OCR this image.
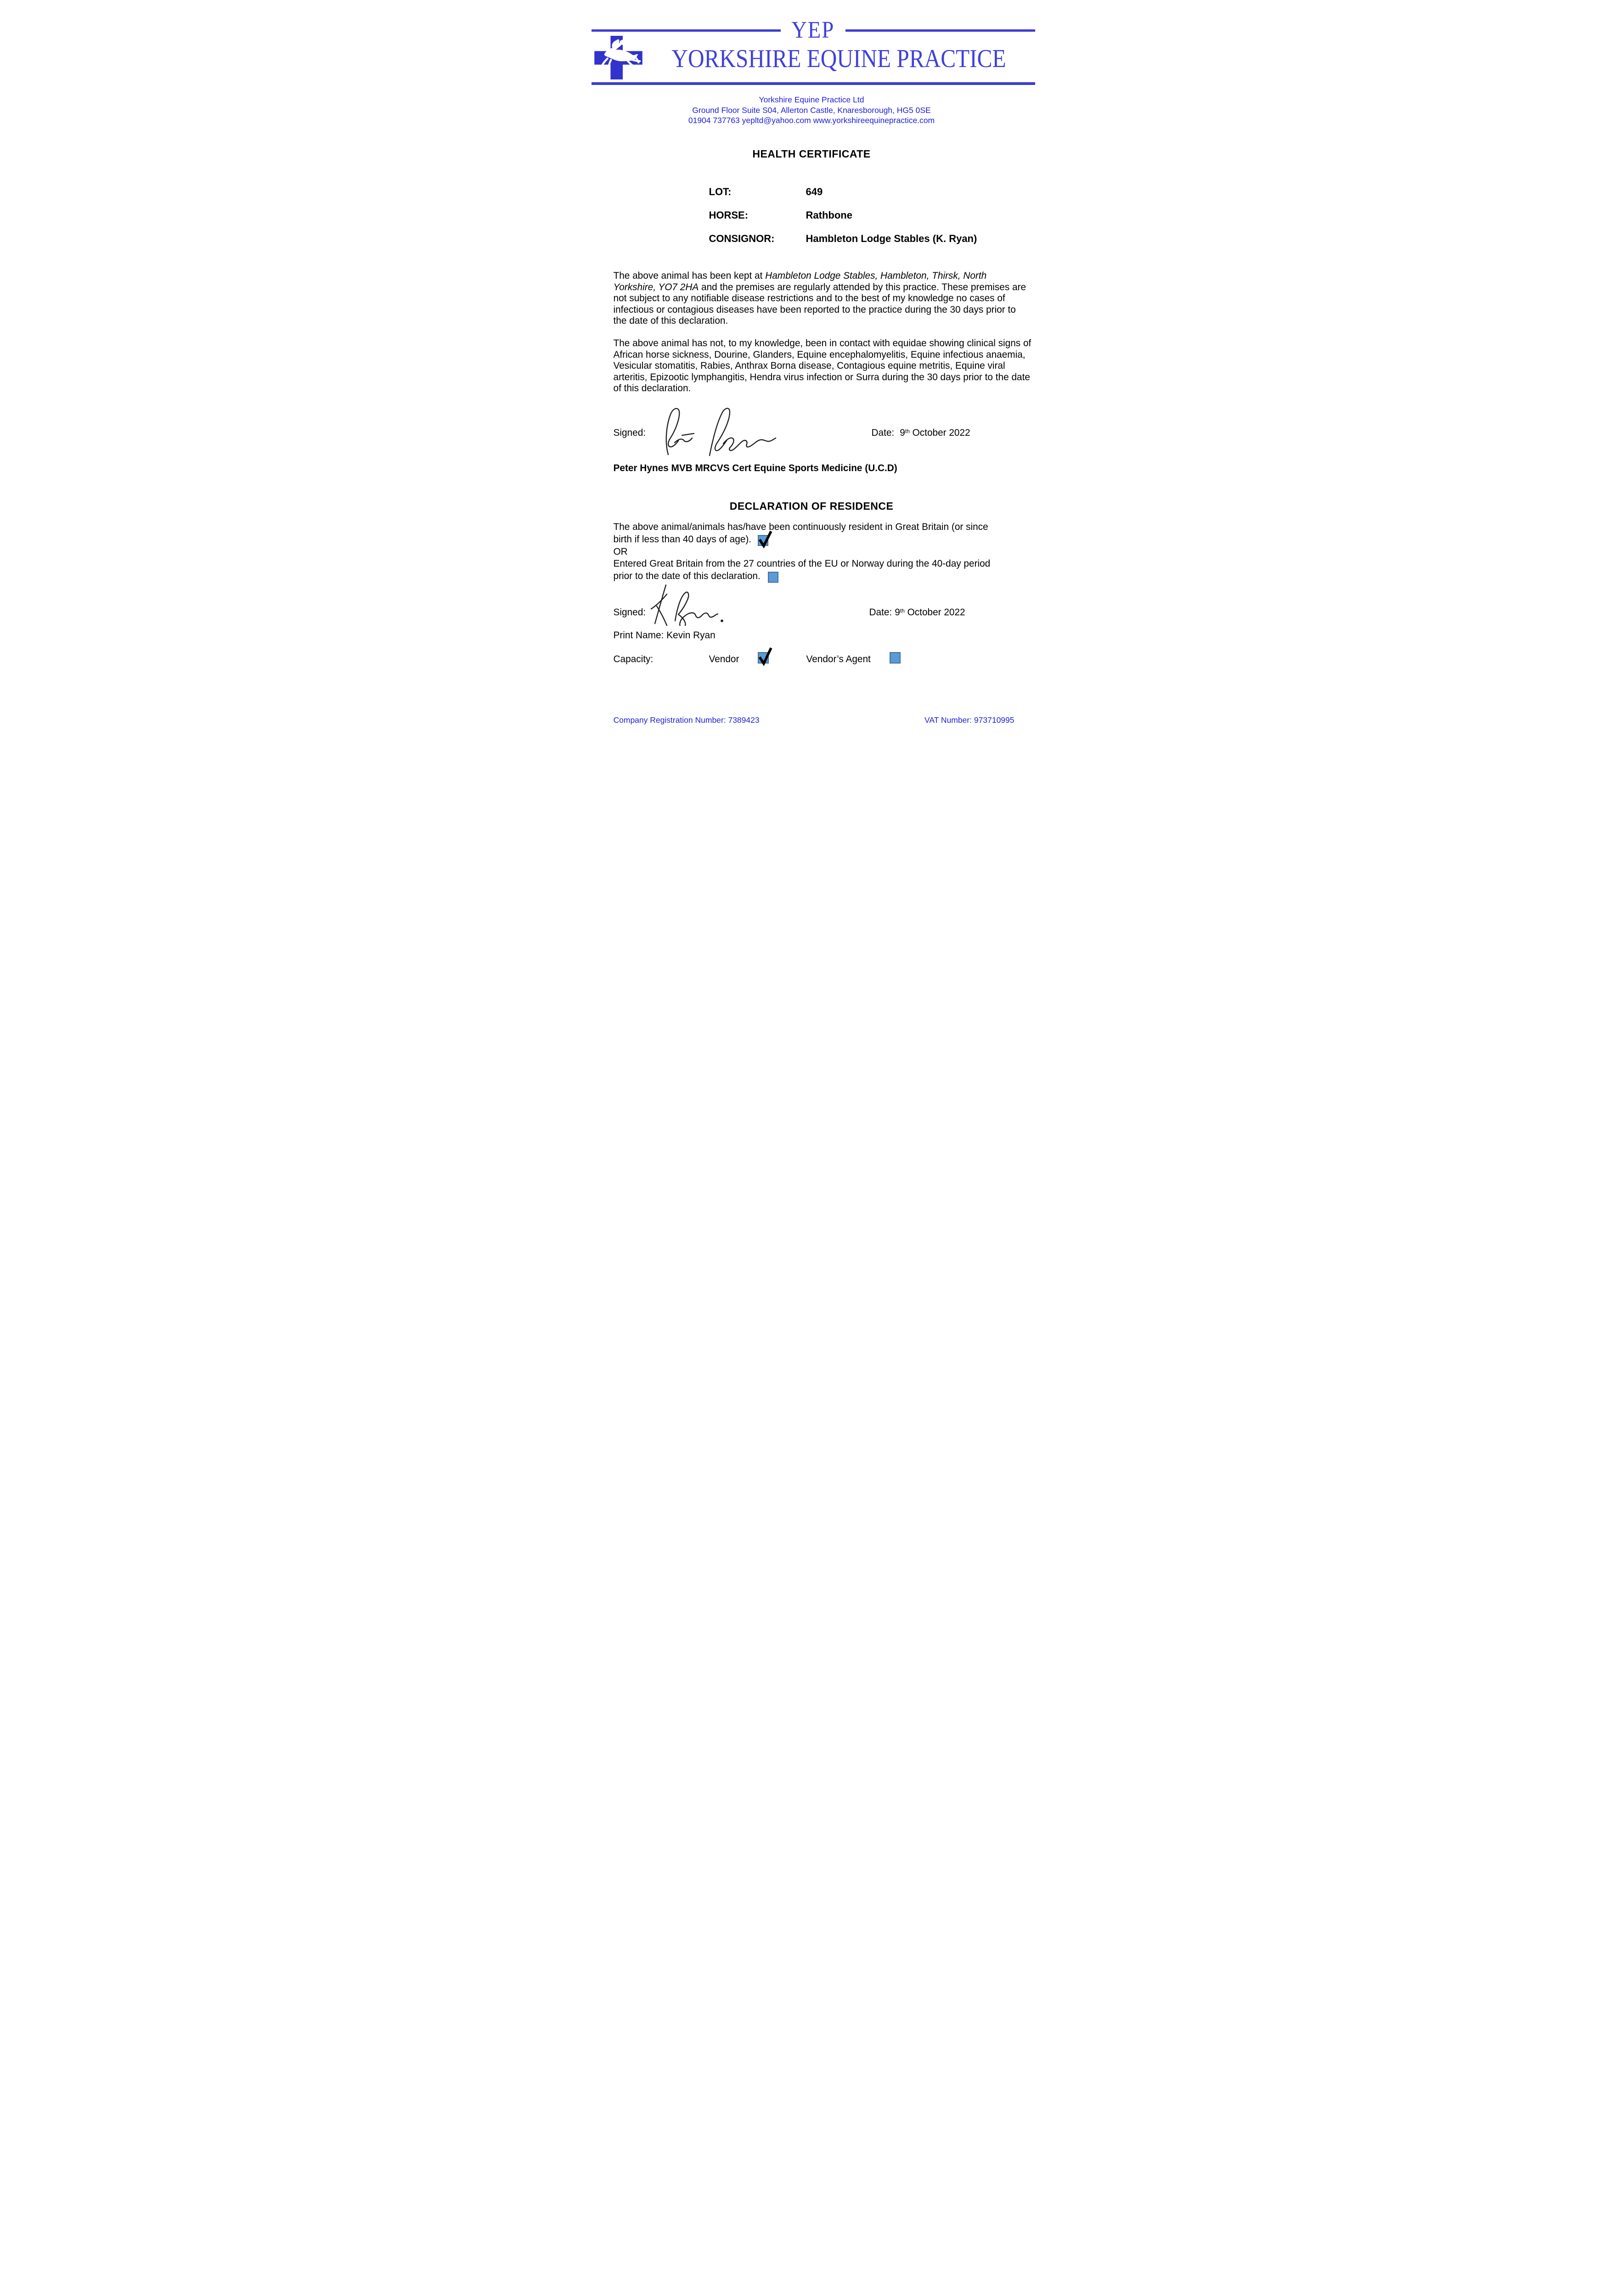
YEP
YORKSHIRE EQUINE PRACTICE
Yorkshire Equine Practice Ltd
Ground Floor Suite S04, Allerton Castle, Knaresborough, HG5 0SE
01904 737763 yepltd@yahoo.com www.yorkshireequinepractice.com
HEALTH CERTIFICATE
LOT:	649
HORSE:	Rathbone
CONSIGNOR:	Hambleton Lodge Stables (K. Ryan)
The above animal has been kept at Hambleton Lodge Stables, Hambleton, Thirsk, North Yorkshire, YO7 2HA and the premises are regularly attended by this practice. These premises are not subject to any notifiable disease restrictions and to the best of my knowledge no cases of infectious or contagious diseases have been reported to the practice during the 30 days prior to the date of this declaration.
The above animal has not, to my knowledge, been in contact with equidae showing clinical signs of African horse sickness, Dourine, Glanders, Equine encephalomyelitis, Equine infectious anaemia, Vesicular stomatitis, Rabies, Anthrax Borna disease, Contagious equine metritis, Equine viral arteritis, Epizootic lymphangitis, Hendra virus infection or Surra during the 30 days prior to the date of this declaration.
Signed:	Date: 9th October 2022
Peter Hynes MVB MRCVS Cert Equine Sports Medicine (U.C.D)
DECLARATION OF RESIDENCE
The above animal/animals has/have been continuously resident in Great Britain (or since
birth if less than 40 days of age).
OR
Entered Great Britain from the 27 countries of the EU or Norway during the 40-day period
prior to the date of this declaration.
Signed:	Date: 9th October 2022
Print Name: Kevin Ryan
Capacity:	Vendor	Vendor’s Agent
Company Registration Number: 7389423	VAT Number: 973710995
